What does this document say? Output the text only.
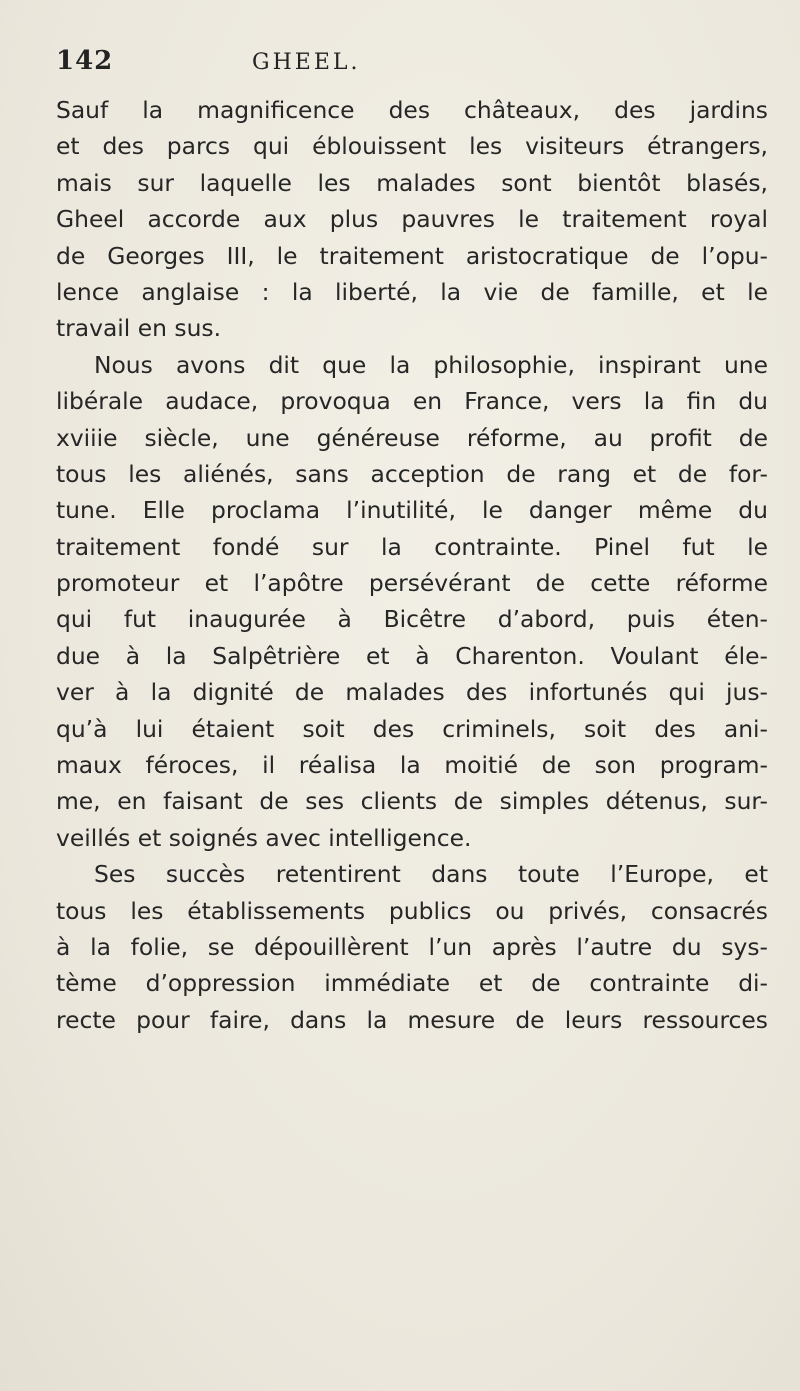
142	GHEEL.
Sauf la magnificence des châteaux, des jardins
et des parcs qui éblouissent les visiteurs étrangers,
mais sur laquelle les malades sont bientôt blasés,
Gheel accorde aux plus pauvres le traitement royal
de Georges III, le traitement aristocratique de l’opu-
lence anglaise : la liberté, la vie de famille, et le
travail en sus.
Nous avons dit que la philosophie, inspirant une
libérale audace, provoqua en France, vers la fin du
xviiie siècle, une généreuse réforme, au profit de
tous les aliénés, sans acception de rang et de for-
tune. Elle proclama l’inutilité, le danger même du
traitement fondé sur la contrainte. Pinel fut le
promoteur et l’apôtre persévérant de cette réforme
qui fut inaugurée à Bicêtre d’abord, puis éten-
due à la Salpêtrière et à Charenton. Voulant éle-
ver à la dignité de malades des infortunés qui jus-
qu’à lui étaient soit des criminels, soit des ani-
maux féroces, il réalisa la moitié de son program-
me, en faisant de ses clients de simples détenus, sur-
veillés et soignés avec intelligence.
Ses succès retentirent dans toute l’Europe, et
tous les établissements publics ou privés, consacrés
à la folie, se dépouillèrent l’un après l’autre du sys-
tème d’oppression immédiate et de contrainte di-
recte pour faire, dans la mesure de leurs ressources
